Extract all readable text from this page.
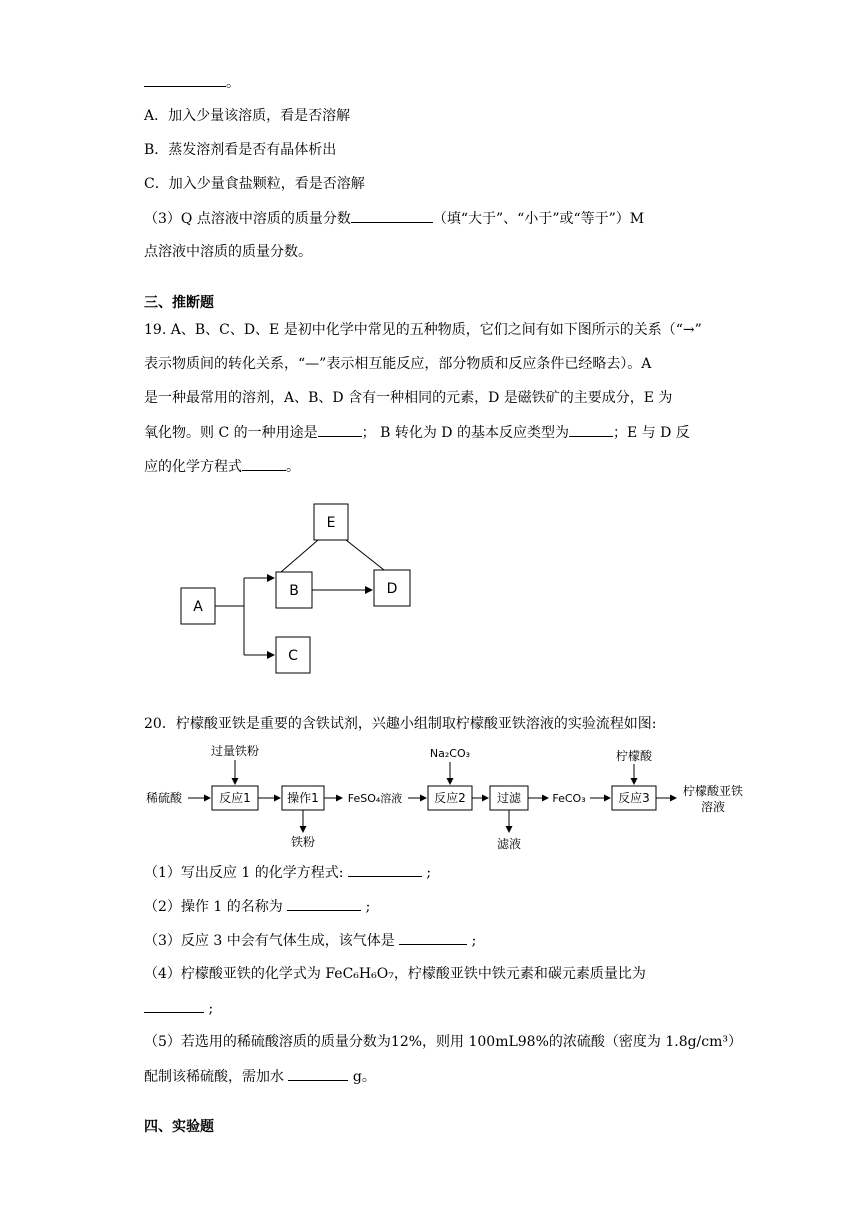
。
A．加入少量该溶质，看是否溶解
B．蒸发溶剂看是否有晶体析出
C．加入少量食盐颗粒，看是否溶解
（3）Q 点溶液中溶质的质量分数	（填“大于”、“小于”或“等于”）M
点溶液中溶质的质量分数。
三、推断题
19. A、B、C、D、E 是初中化学中常见的五种物质，它们之间有如下图所示的关系（“→”
表示物质间的转化关系，“—”表示相互能反应，部分物质和反应条件已经略去）。A
是一种最常用的溶剂，A、B、D 含有一种相同的元素，D 是磁铁矿的主要成分，E 为
氧化物。则 C 的一种用途是	； B 转化为 D 的基本反应类型为	；E 与 D 反
应的化学方程式	。
E
A
B	D
C
20．柠檬酸亚铁是重要的含铁试剂，兴趣小组制取柠檬酸亚铁溶液的实验流程如图:
稀硫酸	反应1	操作1	FeSO₄溶液	反应2	过滤	FeCO₃	反应3	柠檬酸亚铁
溶液
过量铁粉	Na₂CO₃	柠檬酸
铁粉	滤液
（1）写出反应 1 的化学方程式:	;
（2）操作 1 的名称为	;
（3）反应 3 中会有气体生成，该气体是	;
（4）柠檬酸亚铁的化学式为 FeC₆H₆O₇，柠檬酸亚铁中铁元素和碳元素质量比为
;
（5）若选用的稀硫酸溶质的质量分数为12%，则用 100mL98%的浓硫酸（密度为 1.8g/cm³）
配制该稀硫酸，需加水	g。
四、实验题
